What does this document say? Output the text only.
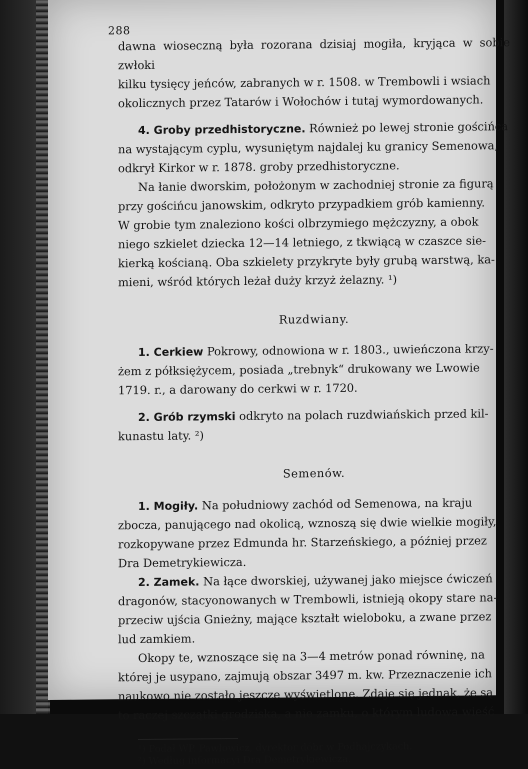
288

dawna wioseczną była rozorana dzisiaj mogiła, kryjąca w sobie zwłoki
kilku tysięcy jeńców, zabranych w r. 1508. w Trembowli i wsiach
okolicznych przez Tatarów i Wołochów i tutaj wymordowanych.

4. Groby przedhistoryczne. Również po lewej stronie gościńca
na wystającym cyplu, wysuniętym najdalej ku granicy Semenowa,
odkrył Kirkor w r. 1878. groby przedhistoryczne.

Na łanie dworskim, położonym w zachodniej stronie za figurą
przy gościńcu janowskim, odkryto przypadkiem grób kamienny.
W grobie tym znaleziono kości olbrzymiego mężczyzny, a obok
niego szkielet dziecka 12—14 letniego, z tkwiącą w czaszce sie-
kierką kościaną. Oba szkielety przykryte były grubą warstwą, ka-
mieni, wśród których leżał duży krzyż żelazny. ¹)

Ruzdwiany.

1. Cerkiew Pokrowy, odnowiona w r. 1803., uwieńczona krzy-
żem z półksiężycem, posiada „trebnyk“ drukowany we Lwowie
1719. r., a darowany do cerkwi w r. 1720.

2. Grób rzymski odkryto na polach ruzdwiańskich przed kil-
kunastu laty. ²)

Semenów.

1. Mogiły. Na południowy zachód od Semenowa, na kraju
zbocza, panującego nad okolicą, wznoszą się dwie wielkie mogiły,
rozkopywane przez Edmunda hr. Starzeńskiego, a później przez
Dra Demetrykiewicza.

2. Zamek. Na łące dworskiej, używanej jako miejsce ćwiczeń
dragonów, stacyonowanych w Trembowli, istnieją okopy stare na-
przeciw ujścia Gnieżny, mające kształt wieloboku, a zwane przez
lud zamkiem.

Okopy te, wznoszące się na 3—4 metrów ponad równinę, na
której je usypano, zajmują obszar 3497 m. kw. Przeznaczenie ich
naukowo nie zostało jeszcze wyświetlone. Zdaje się jednak, że są
to raczej szczątki grodziska, a nie zamku, o którym ludowa wieść

¹) Podał WP. Pawłowicz, dyrektor dóbr w Podhajczykach.

²) Według informacyi Dra Demetrykiewicza.
